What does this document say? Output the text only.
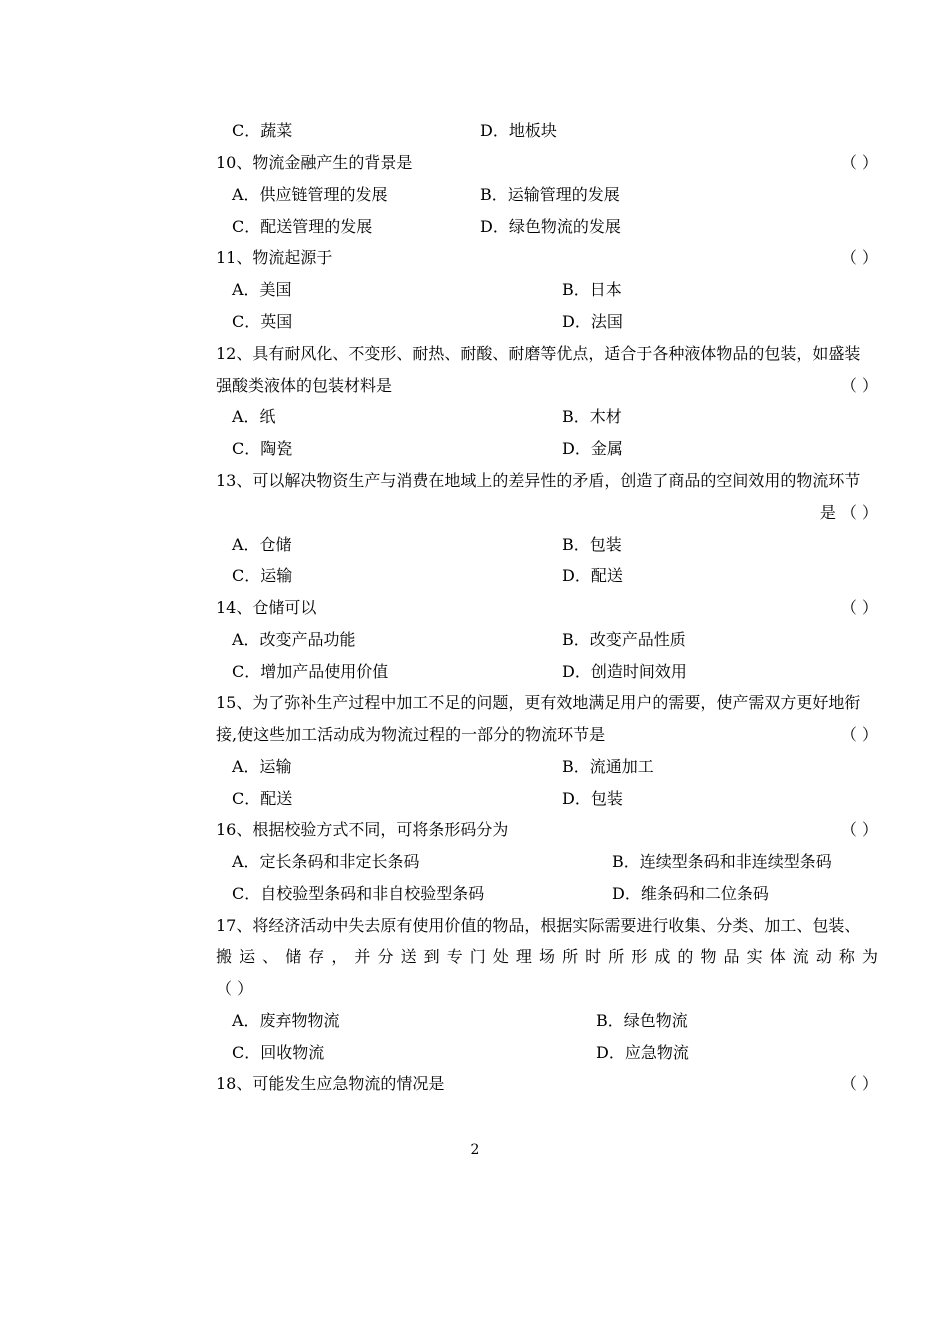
C．蔬菜	D．地板块
10、物流金融产生的背景是	（ ）
A．供应链管理的发展	B．运输管理的发展
C．配送管理的发展	D．绿色物流的发展
11、物流起源于	（ ）
A．美国	B．日本
C．英国	D．法国
12、具有耐风化、不变形、耐热、耐酸、耐磨等优点，适合于各种液体物品的包装，如盛装
强酸类液体的包装材料是	（ ）
A．纸	B．木材
C．陶瓷	D．金属
13、可以解决物资生产与消费在地域上的差异性的矛盾，创造了商品的空间效用的物流环节
是 （ ）
A．仓储	B．包装
C．运输	D．配送
14、仓储可以	（ ）
A．改变产品功能	B．改变产品性质
C．增加产品使用价值	D．创造时间效用
15、为了弥补生产过程中加工不足的问题，更有效地满足用户的需要，使产需双方更好地衔
接,使这些加工活动成为物流过程的一部分的物流环节是	（ ）
A．运输	B．流通加工
C．配送	D．包装
16、根据校验方式不同，可将条形码分为	（ ）
A．定长条码和非定长条码	B．连续型条码和非连续型条码
C．自校验型条码和非自校验型条码	D．维条码和二位条码
17、将经济活动中失去原有使用价值的物品，根据实际需要进行收集、分类、加工、包装、
搬运、储存，并分送到专门处理场所时所形成的物品实体流动称为
（ ）
A．废弃物物流	B．绿色物流
C．回收物流	D．应急物流
18、可能发生应急物流的情况是	（ ）
2
